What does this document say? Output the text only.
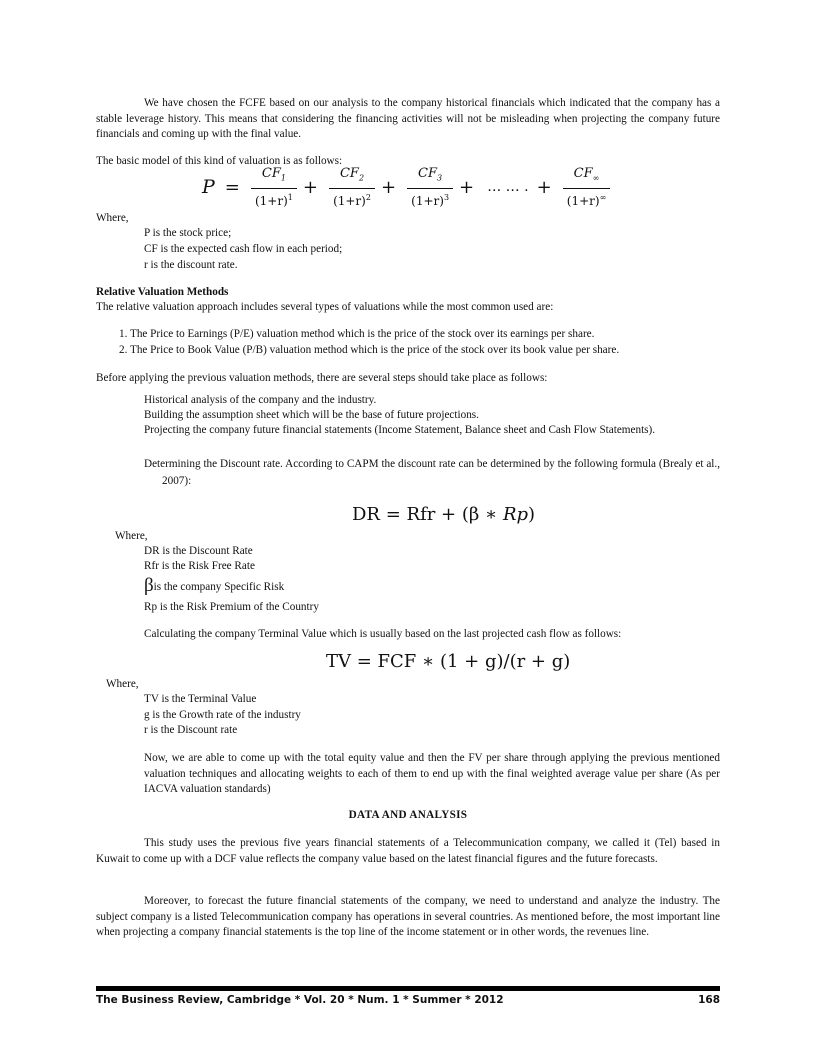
We have chosen the FCFE based on our analysis to the company historical financials which indicated that the company has a stable leverage history. This means that considering the financing activities will not be misleading when projecting the company future financials and coming up with the final value.
The basic model of this kind of valuation is as follows:
$P = \frac{CF_1}{(1+r)^1} + \frac{CF_2}{(1+r)^2} + \frac{CF_3}{(1+r)^3}$ + … … . + $\frac{CF_\infty}{(1+r)^\infty}$
Where,
P is the stock price;
CF is the expected cash flow in each period;
r is the discount rate.
Relative Valuation Methods
The relative valuation approach includes several types of valuations while the most common used are:
1. The Price to Earnings (P/E) valuation method which is the price of the stock over its earnings per share.
2. The Price to Book Value (P/B) valuation method which is the price of the stock over its book value per share.
Before applying the previous valuation methods, there are several steps should take place as follows:
Historical analysis of the company and the industry.
Building the assumption sheet which will be the base of future projections.
Projecting the company future financial statements (Income Statement, Balance sheet and Cash Flow Statements).
Determining the Discount rate. According to CAPM the discount rate can be determined by the following formula (Brealy et al., 2007):
DR = Rfr + (β ∗ Rp)
Where,
DR is the Discount Rate
Rfr is the Risk Free Rate
βis the company Specific Risk
Rp is the Risk Premium of the Country
Calculating the company Terminal Value which is usually based on the last projected cash flow as follows:
TV = FCF ∗ (1 + g)/(r + g)
Where,
TV is the Terminal Value
g is the Growth rate of the industry
r is the Discount rate
Now, we are able to come up with the total equity value and then the FV per share through applying the previous mentioned valuation techniques and allocating weights to each of them to end up with the final weighted average value per share (As per IACVA valuation standards)
DATA AND ANALYSIS
This study uses the previous five years financial statements of a Telecommunication company, we called it (Tel) based in Kuwait to come up with a DCF value reflects the company value based on the latest financial figures and the future forecasts.
Moreover, to forecast the future financial statements of the company, we need to understand and analyze the industry. The subject company is a listed Telecommunication company has operations in several countries. As mentioned before, the most important line when projecting a company financial statements is the top line of the income statement or in other words, the revenues line.
The Business Review, Cambridge * Vol. 20 * Num. 1 * Summer * 2012	168
